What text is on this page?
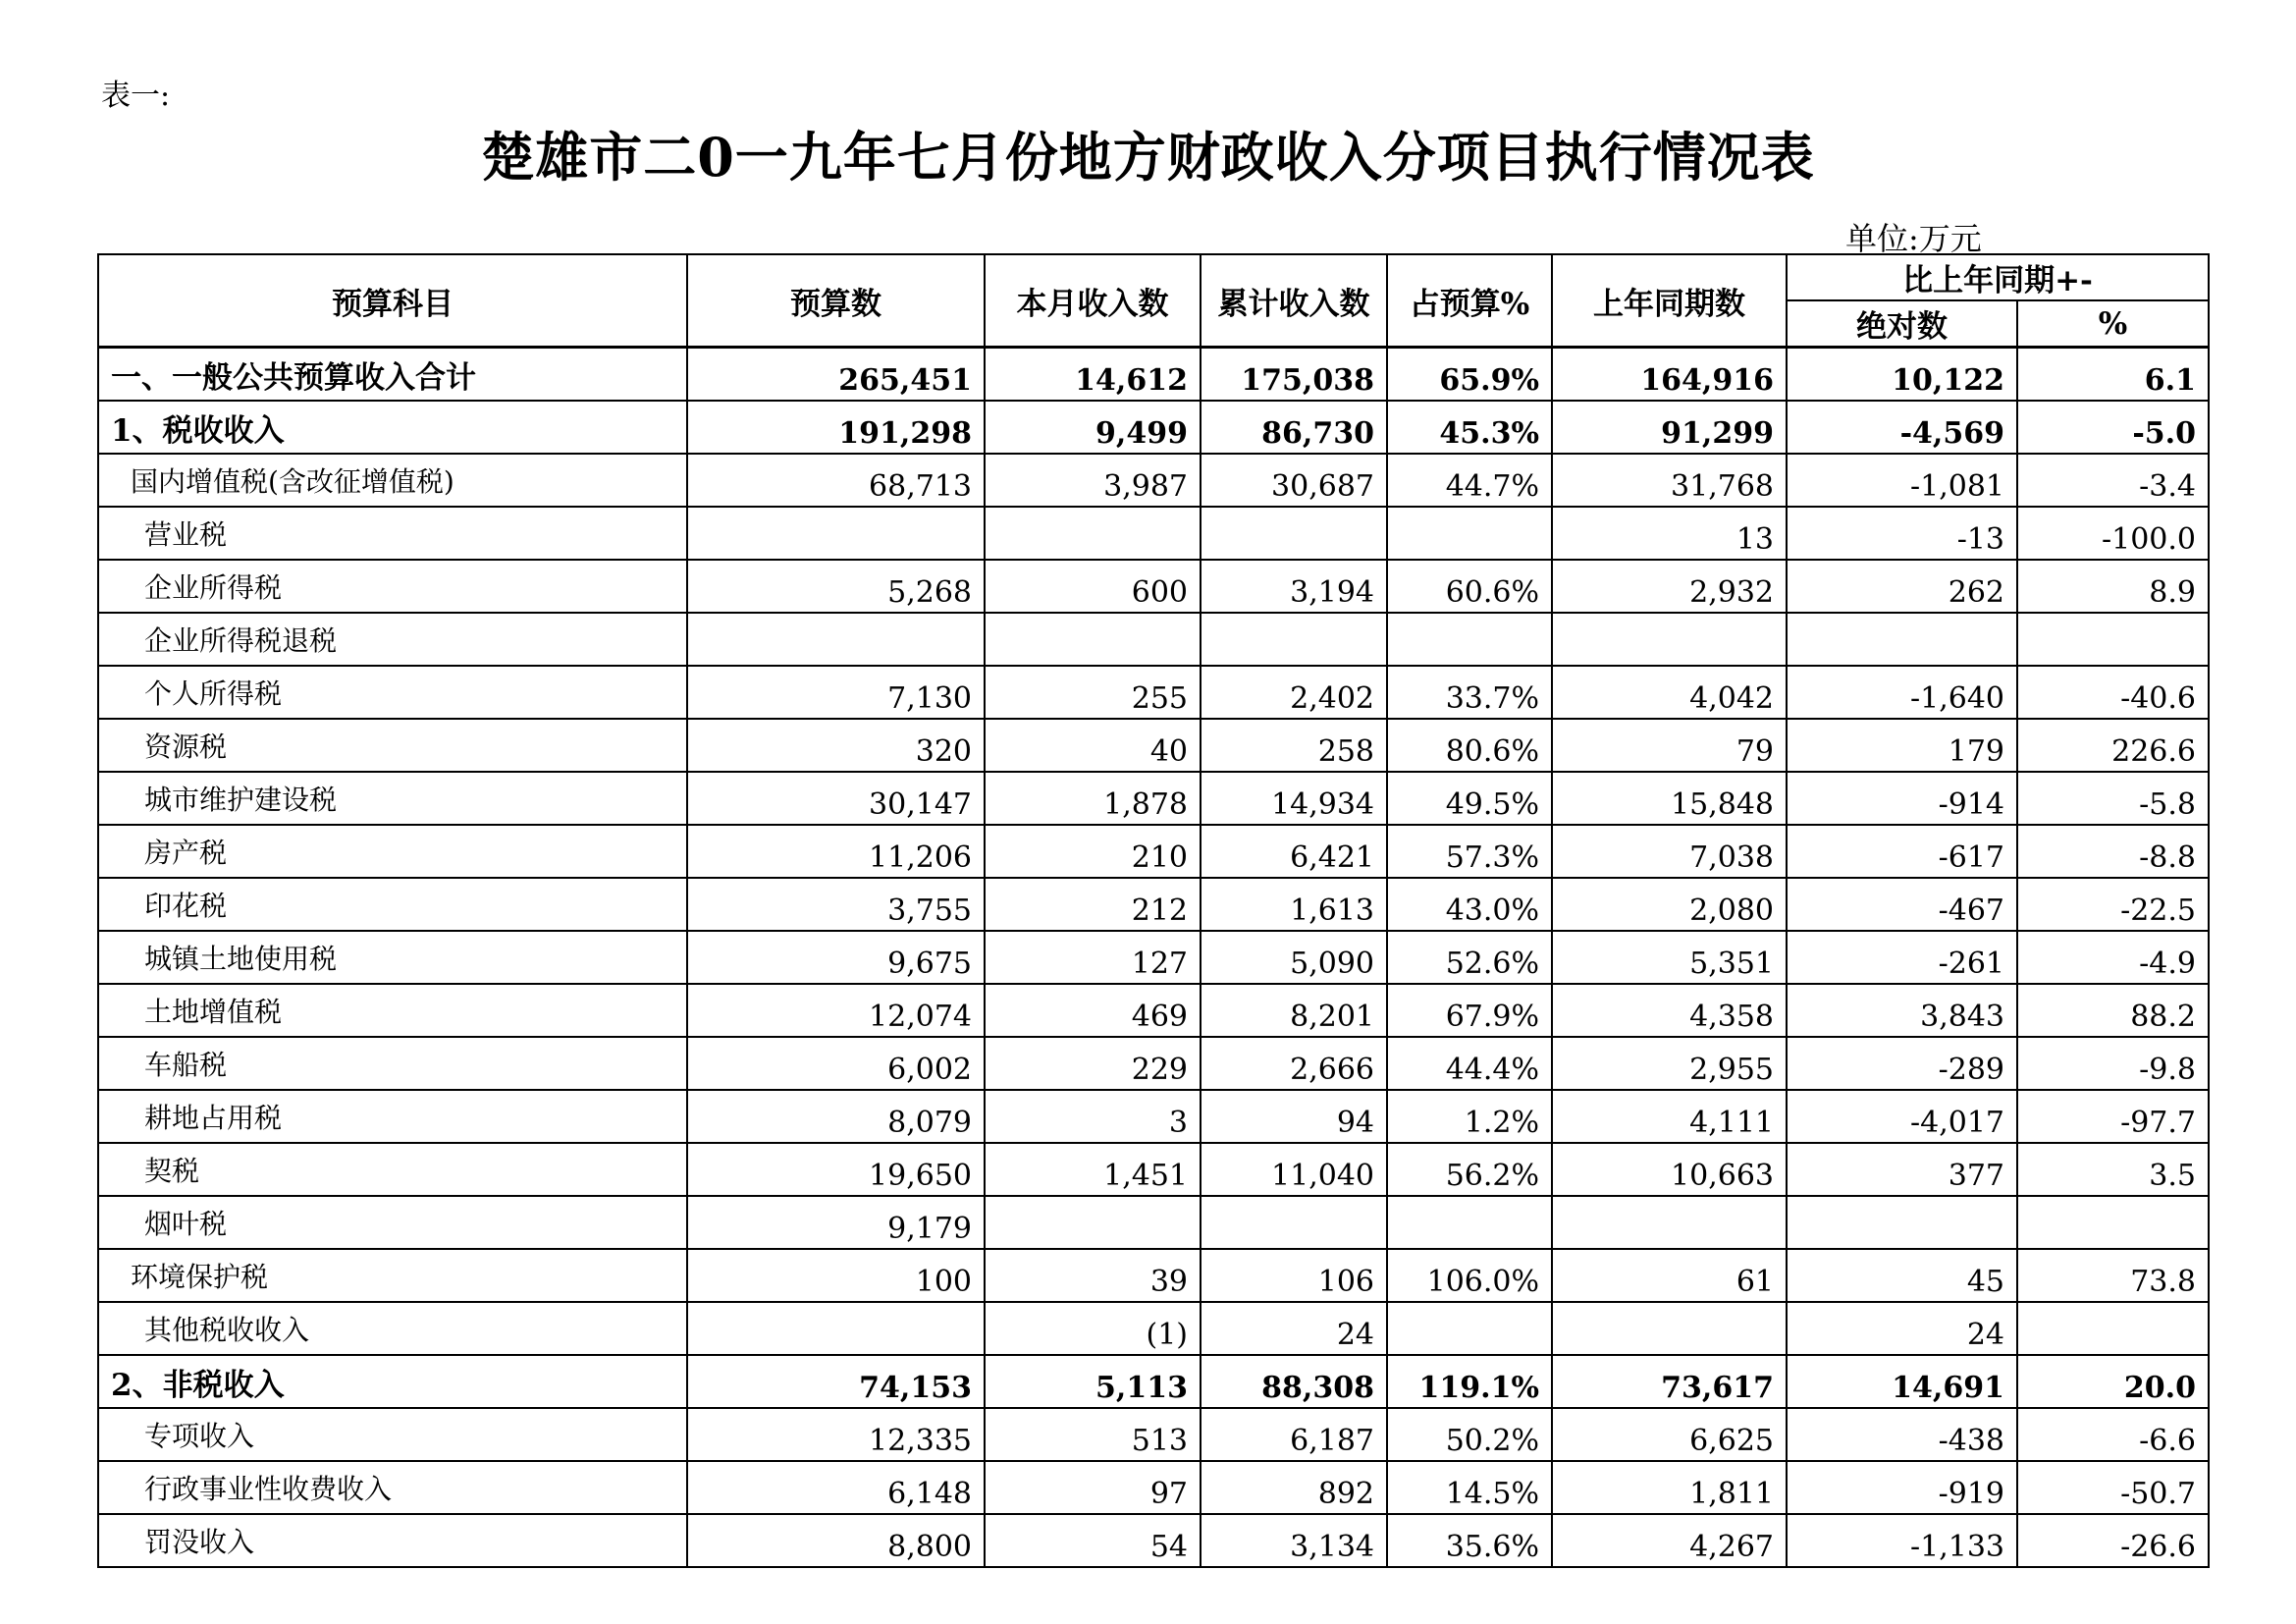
表一:
楚雄市二0一九年七月份地方财政收入分项目执行情况表
单位:万元
预算科目	预算数	本月收入数	累计收入数	占预算%	上年同期数	比上年同期+-	
						绝对数	%
一、一般公共预算收入合计	265,451	14,612	175,038	65.9%	164,916	10,122	6.1
1、税收收入	191,298	9,499	86,730	45.3%	91,299	-4,569	-5.0
国内增值税(含改征增值税)	68,713	3,987	30,687	44.7%	31,768	-1,081	-3.4
营业税					13	-13	-100.0
企业所得税	5,268	600	3,194	60.6%	2,932	262	8.9
企业所得税退税							
个人所得税	7,130	255	2,402	33.7%	4,042	-1,640	-40.6
资源税	320	40	258	80.6%	79	179	226.6
城市维护建设税	30,147	1,878	14,934	49.5%	15,848	-914	-5.8
房产税	11,206	210	6,421	57.3%	7,038	-617	-8.8
印花税	3,755	212	1,613	43.0%	2,080	-467	-22.5
城镇土地使用税	9,675	127	5,090	52.6%	5,351	-261	-4.9
土地增值税	12,074	469	8,201	67.9%	4,358	3,843	88.2
车船税	6,002	229	2,666	44.4%	2,955	-289	-9.8
耕地占用税	8,079	3	94	1.2%	4,111	-4,017	-97.7
契税	19,650	1,451	11,040	56.2%	10,663	377	3.5
烟叶税	9,179						
环境保护税	100	39	106	106.0%	61	45	73.8
其他税收收入		(1)	24			24	
2、非税收入	74,153	5,113	88,308	119.1%	73,617	14,691	20.0
专项收入	12,335	513	6,187	50.2%	6,625	-438	-6.6
行政事业性收费收入	6,148	97	892	14.5%	1,811	-919	-50.7
罚没收入	8,800	54	3,134	35.6%	4,267	-1,133	-26.6
